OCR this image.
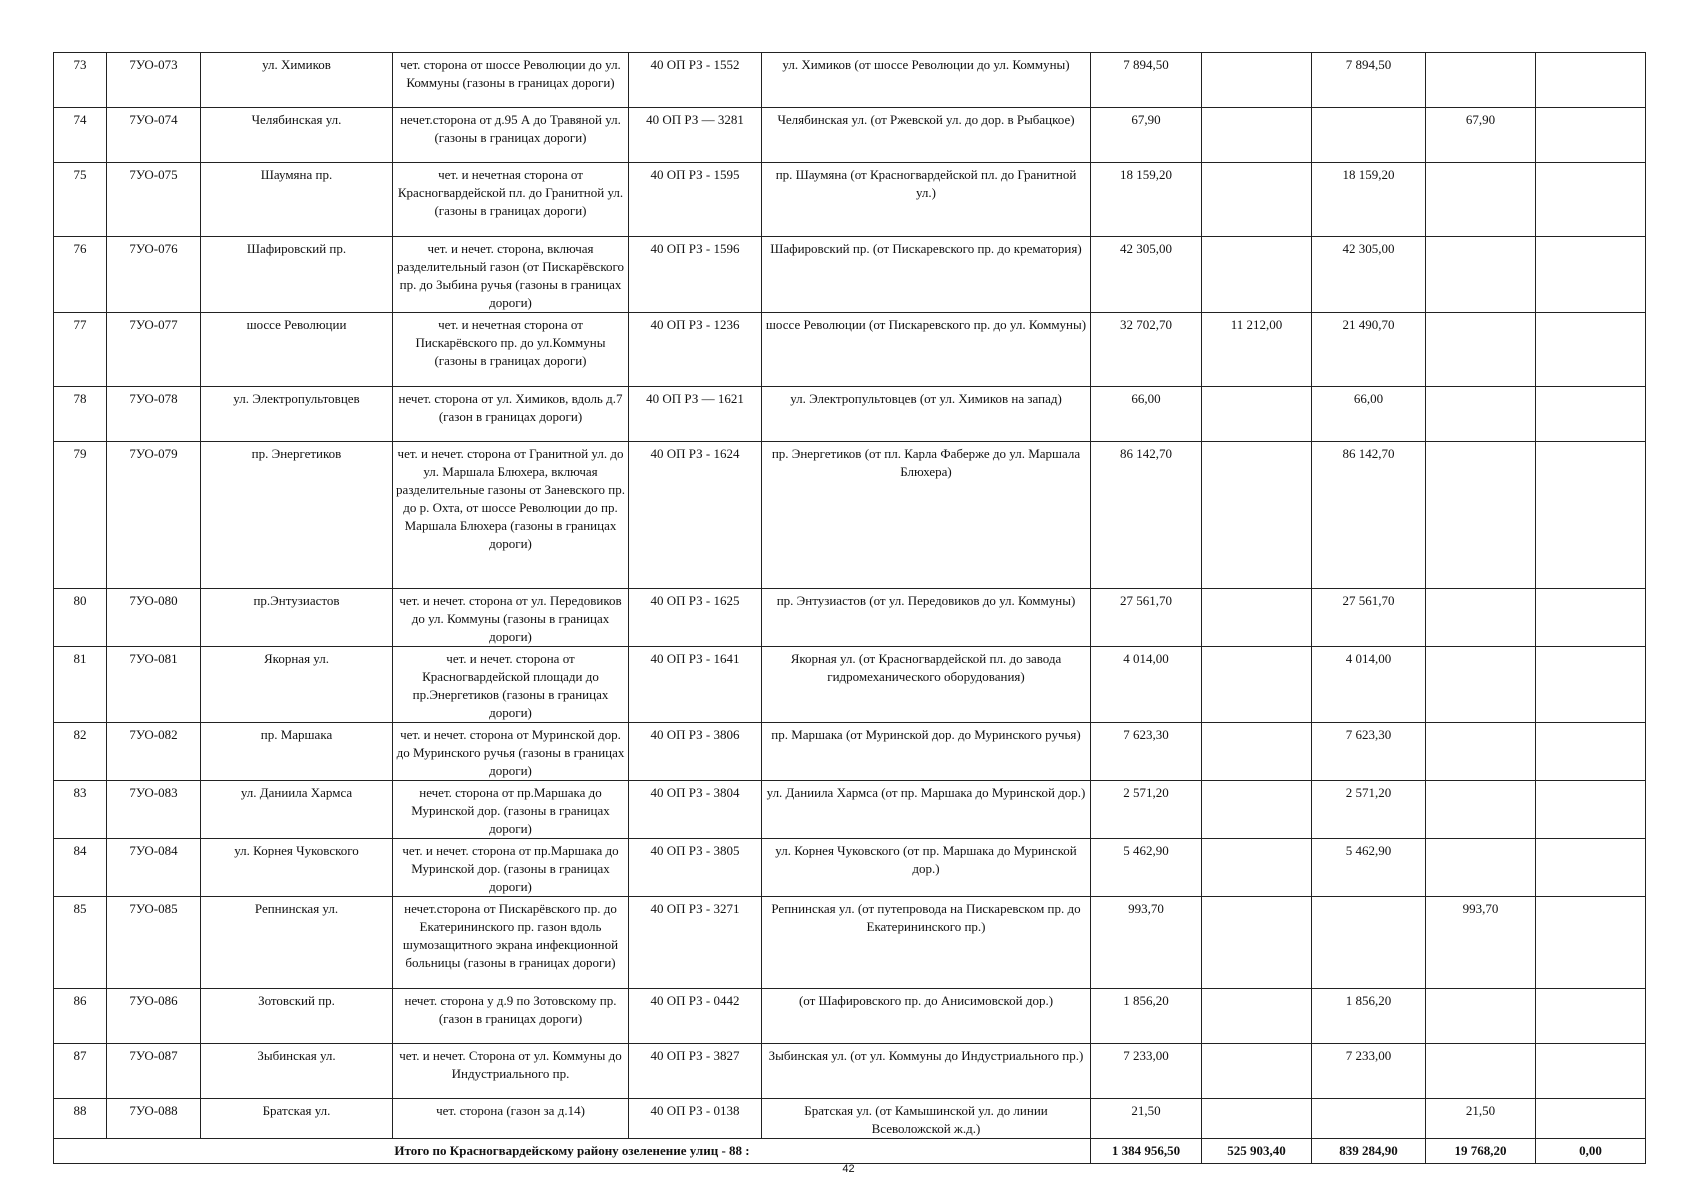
73	7УО-073	ул. Химиков	чет. сторона от шоссе Революции до ул. Коммуны (газоны в границах дороги)	40 ОП РЗ - 1552	ул. Химиков (от шоссе Революции до ул. Коммуны)	7 894,50		7 894,50		
74	7УО-074	Челябинская ул.	нечет.сторона от д.95 А до Травяной ул.(газоны в границах дороги)	40 ОП РЗ — 3281	Челябинская ул. (от Ржевской ул. до дор. в Рыбацкое)	67,90			67,90	
75	7УО-075	Шаумяна пр.	чет. и нечетная сторона от Красногвардейской пл. до Гранитной ул. (газоны в границах дороги)	40 ОП РЗ - 1595	пр. Шаумяна (от Красногвардейской пл. до Гранитной ул.)	18 159,20		18 159,20		
76	7УО-076	Шафировский пр.	чет. и нечет. сторона, включая разделительный газон (от Пискарёвского пр. до Зыбина ручья (газоны в границах дороги)	40 ОП РЗ - 1596	Шафировский пр. (от Пискаревского пр. до крематория)	42 305,00		42 305,00		
77	7УО-077	шоссе Революции	чет. и нечетная сторона от Пискарёвского пр. до ул.Коммуны (газоны в границах дороги)	40 ОП РЗ - 1236	шоссе Революции (от Пискаревского пр. до ул. Коммуны)	32 702,70	11 212,00	21 490,70		
78	7УО-078	ул. Электропультовцев	нечет. сторона от ул. Химиков, вдоль д.7 (газон в границах дороги)	40 ОП РЗ — 1621	ул. Электропультовцев (от ул. Химиков на запад)	66,00		66,00		
79	7УО-079	пр. Энергетиков	чет. и нечет. сторона от Гранитной ул. до ул. Маршала Блюхера, включая разделительные газоны от Заневского пр. до р. Охта, от шоссе Революции до пр. Маршала Блюхера (газоны в границах дороги)	40 ОП РЗ - 1624	пр. Энергетиков (от пл. Карла Фаберже до ул. Маршала Блюхера)	86 142,70		86 142,70		
80	7УО-080	пр.Энтузиастов	чет. и нечет. сторона от ул. Передовиков до ул. Коммуны (газоны в границах дороги)	40 ОП РЗ - 1625	пр. Энтузиастов (от ул. Передовиков до ул. Коммуны)	27 561,70		27 561,70		
81	7УО-081	Якорная ул.	чет. и нечет. сторона от Красногвардейской площади до пр.Энергетиков (газоны в границах дороги)	40 ОП РЗ - 1641	Якорная ул. (от Красногвардейской пл. до завода гидромеханического оборудования)	4 014,00		4 014,00		
82	7УО-082	пр. Маршака	чет. и нечет. сторона от Муринской дор. до Муринского ручья (газоны в границах дороги)	40 ОП РЗ - 3806	пр. Маршака (от Муринской дор. до Муринского ручья)	7 623,30		7 623,30		
83	7УО-083	ул. Даниила Хармса	нечет. сторона от пр.Маршака до Муринской дор. (газоны в границах дороги)	40 ОП РЗ - 3804	ул. Даниила Хармса (от пр. Маршака до Муринской дор.)	2 571,20		2 571,20		
84	7УО-084	ул. Корнея Чуковского	чет. и нечет. сторона от пр.Маршака до Муринской дор. (газоны в границах дороги)	40 ОП РЗ - 3805	ул. Корнея Чуковского (от пр. Маршака до Муринской дор.)	5 462,90		5 462,90		
85	7УО-085	Репнинская ул.	нечет.сторона от Пискарёвского пр. до Екатерининского пр. газон вдоль шумозащитного экрана инфекционной больницы (газоны в границах дороги)	40 ОП РЗ - 3271	Репнинская ул. (от путепровода на Пискаревском пр. до Екатерининского пр.)	993,70			993,70	
86	7УО-086	Зотовский пр.	нечет. сторона у д.9 по Зотовскому пр. (газон в границах дороги)	40 ОП РЗ - 0442	(от Шафировского пр. до Анисимовской дор.)	1 856,20		1 856,20		
87	7УО-087	Зыбинская ул.	чет. и нечет. Сторона от ул. Коммуны до Индустриального пр.	40 ОП РЗ - 3827	Зыбинская ул. (от ул. Коммуны до Индустриального пр.)	7 233,00		7 233,00		
88	7УО-088	Братская ул.	чет. сторона (газон за д.14)	40 ОП РЗ - 0138	Братская ул. (от Камышинской ул. до линии Всеволожской ж.д.)	21,50			21,50	
Итого по Красногвардейскому району озеленение улиц - 88 :						1 384 956,50	525 903,40	839 284,90	19 768,20	0,00
42
